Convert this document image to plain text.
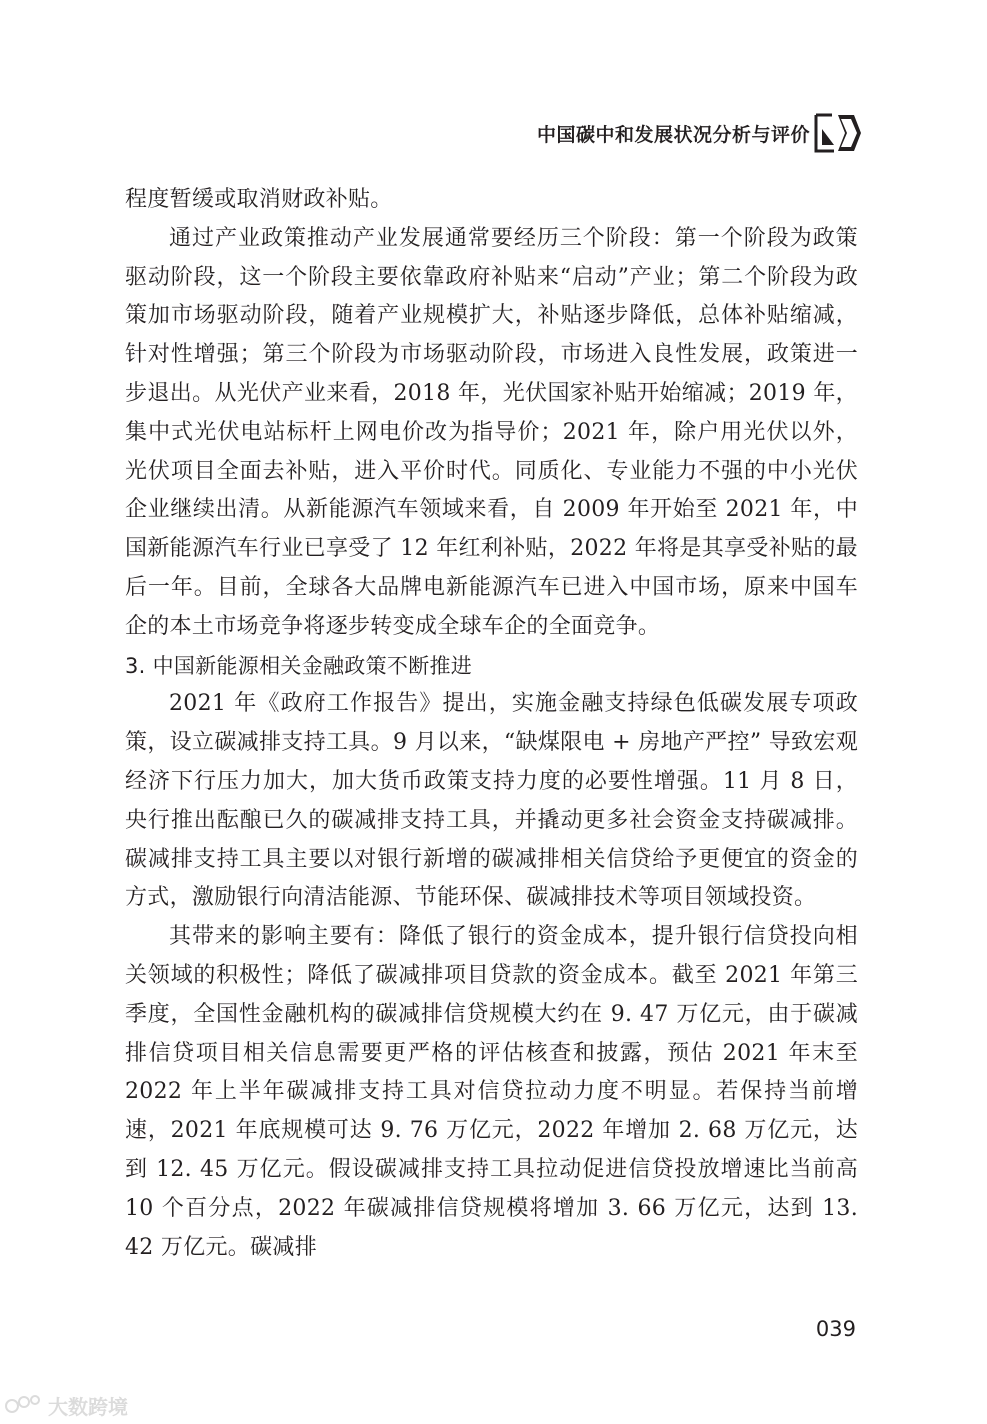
中国碳中和发展状况分析与评价

程度暂缓或取消财政补贴。

通过产业政策推动产业发展通常要经历三个阶段：第一个阶段为政策驱动阶段，这一个阶段主要依靠政府补贴来“启动”产业；第二个阶段为政策加市场驱动阶段，随着产业规模扩大，补贴逐步降低，总体补贴缩减，针对性增强；第三个阶段为市场驱动阶段，市场进入良性发展，政策进一步退出。从光伏产业来看，2018 年，光伏国家补贴开始缩减；2019 年，集中式光伏电站标杆上网电价改为指导价；2021 年，除户用光伏以外，光伏项目全面去补贴，进入平价时代。同质化、专业能力不强的中小光伏企业继续出清。从新能源汽车领域来看，自 2009 年开始至 2021 年，中国新能源汽车行业已享受了 12 年红利补贴，2022 年将是其享受补贴的最后一年。目前，全球各大品牌电新能源汽车已进入中国市场，原来中国车企的本土市场竞争将逐步转变成全球车企的全面竞争。

3. 中国新能源相关金融政策不断推进

2021 年《政府工作报告》提出，实施金融支持绿色低碳发展专项政策，设立碳减排支持工具。9 月以来，“缺煤限电 + 房地产严控” 导致宏观经济下行压力加大，加大货币政策支持力度的必要性增强。11 月 8 日，央行推出酝酿已久的碳减排支持工具，并撬动更多社会资金支持碳减排。碳减排支持工具主要以对银行新增的碳减排相关信贷给予更便宜的资金的方式，激励银行向清洁能源、节能环保、碳减排技术等项目领域投资。

其带来的影响主要有：降低了银行的资金成本，提升银行信贷投向相关领域的积极性；降低了碳减排项目贷款的资金成本。截至 2021 年第三季度，全国性金融机构的碳减排信贷规模大约在 9. 47 万亿元，由于碳减排信贷项目相关信息需要更严格的评估核查和披露，预估 2021 年末至 2022 年上半年碳减排支持工具对信贷拉动力度不明显。若保持当前增速，2021 年底规模可达 9. 76 万亿元，2022 年增加 2. 68 万亿元，达到 12. 45 万亿元。假设碳减排支持工具拉动促进信贷投放增速比当前高 10 个百分点，2022 年碳减排信贷规模将增加 3. 66 万亿元，达到 13. 42 万亿元。碳减排

039
大数跨境
